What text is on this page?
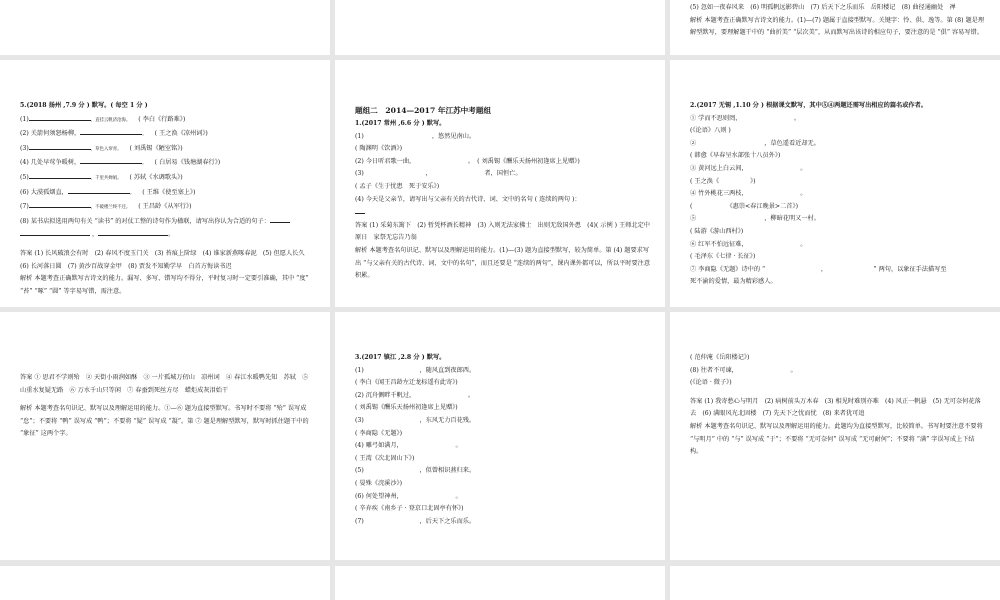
(5) 忽如一夜春风来　(6) 明孤帆远影碧山　(7) 后天下之乐而乐　岳阳楼记　(8) 曲径通幽处　禅
解析 本题考查正确默写古诗文的能力。(1)—(7) 题属于直接型默写。关键字：怜、供、逸等。第 (8) 题是理解型默写，要理解题干中的 “曲折美” “层次美”，从而默写出该诗的相应句子，要注意的是 “俱” 容易写错。
5.(2018 扬州 ,7.9 分 ) 默写。( 每空 1 分 )
(1)	，直挂云帆济沧海。 ( 李白《行路难》)
(2) 关箭何须怒杨柳，	。 ( 王之涣《凉州词》)
(3)	，草色入帘青。 ( 刘禹锡《陋室铭》)
(4) 几处早莺争暖树，	。 ( 白居易《钱塘湖春行》)
(5)	，千里共婵娟。 ( 苏轼《水调歌头》)
(6) 大漠孤烟直，	。 ( 王维《使至塞上》)
(7)	，不破楼兰终不还。 ( 王昌龄《从军行》)
(8) 某书店拟选用两句有关 “读书” 的对仗工整的诗句作为楹联，请写出你认为合适的句子：
，	。
答案 (1) 长风破浪会有时　(2) 春风不度玉门关　(3) 苔痕上阶绿　(4) 谁家新燕啄春泥　(5) 但愿人长久　(6) 长河落日圆　(7) 黄沙百战穿金甲　(8) 贾发不知勤学早　白首方悔读书迟
解析 本题考查正确默写古诗文的能力。漏写、多写、错写均不得分，平时复习时一定要引准确，其中 “度” “苔” “啄” “圆” 等字易写错，需注意。
题组二　2014—2017 年江苏中考题组
1.(2017 常州 ,6.6 分 ) 默写。
(1)　　　　　　　　　　　，悠然见南山。
( 陶渊明《饮酒》)
(2) 今日听君歌一曲，　　　　　　　　　。　( 刘禹锡《酬乐天扬州初逢席上见赠》)
(3)　　　　　　　　　　，　　　　　　　　　者，国恒亡。
( 孟子《生于忧患　死于安乐》)
(4) 今天是父亲节，请写出与父亲有关的古代诗、词、文中的名句 ( 连续的两句 )：
答案 (1) 采菊东篱下　(2) 暂凭杯酒长精神　(3) 入则无法家拂士　出则无敌国外患　(4)( 示例 ) 王师北定中原日　家祭无忘告乃翁
解析 本题考查名句识记、默写以及理解运用的能力。(1)—(3) 题为直接型默写，较为简单。第 (4) 题要求写出 “与父亲有关的古代诗、词、文中的名句”，而且还要是 “连续的两句”，课内课外都可以，所以平时要注意积累。
2.(2017 无锡 ,1.10 分 ) 根据课文默写，其中⑤④两题还需写出相应的篇名或作者。
① 学而不思则罔，　　　　　　　　　。
(《论语》八则 )
②　　　　　　　　　　　，草色遥看近却无。
( 韩愈《早春呈水部张十八员外》)
③ 黄河远上白云间，　　　　　　　　　。
( 王之涣《　　　　　》)
④ 竹外桃花三两枝，　　　　　　　　　。
(　　　　　　《惠崇<春江晚景>二首》)
⑤　　　　　　　　　　　，柳暗花明又一村。
( 陆游《游山西村》)
⑥ 红军不怕远征难，　　　　　　　　　。
( 毛泽东《七律 · 长征》)
⑦ 李商隐《无题》诗中的 “　　　　　　　　　，　　　　　　　　” 两句，以象征手法描写至
死不渝的爱情，最为精彩感人。
答案 ① 思君不学则殆　② 天街小雨润如酥　③ 一片孤城万仞山　凉州词　④ 春江水暖鸭先知　苏轼　⑤ 山重水复疑无路　⑥ 万水千山只等闲　⑦ 春蚕到死丝方尽　蜡炬成灰泪始干
解析 本题考查名句识记、默写以及理解运用的能力。①—⑥ 题为直接型默写。书写时不要将 “殆” 误写成 “怠”；不要将 “鸭” 误写成 “鸭”；不要将 “疑” 误写成 “凝”。第 ⑦ 题是理解型默写，默写时抓住题干中的 “象征” 这两个字。
3.(2017 镇江 ,2.8 分 ) 默写。
(1)　　　　　　　　　，随风直到夜郎西。
( 李白《闻王昌龄左迁龙标遥有此寄》)
(2) 沉舟侧畔千帆过，　　　　　　　　　。
( 刘禹锡《酬乐天扬州初逢席上见赠》)
(3)　　　　　　　　　，东风无力百花残。
( 李商隐《无题》)
(4) 雕弓如满月，　　　　　　　　　。
( 王湾《次北固山下》)
(5)　　　　　　　　　，似曾相识燕归来。
( 晏殊《浣溪沙》)
(6) 何处望神州，　　　　　　　　　。
( 辛弃疾《南乡子 · 登京口北固亭有怀》)
(7)　　　　　　　　　，后天下之乐而乐。
( 范仲淹《岳阳楼记》)
(8) 往者不可谏，　　　　　　　　　。
(《论语 · 微子》)
答案 (1) 我寄愁心与明月　(2) 病树前头万木春　(3) 相见时难别亦难　(4) 风正一帆悬　(5) 无可奈何花落去　(6) 满眼风光北固楼　(7) 先天下之忧而忧　(8) 来者犹可追
解析 本题考查名句识记、默写以及理解运用的能力。此题均为直接型默写，比较简单。书写时要注意不要将 “与明月” 中的 “与” 误写成 “于”；不要将 “无可奈何” 误写成 “无可耐何”；不要将 “满” 字误写成上下结构。
